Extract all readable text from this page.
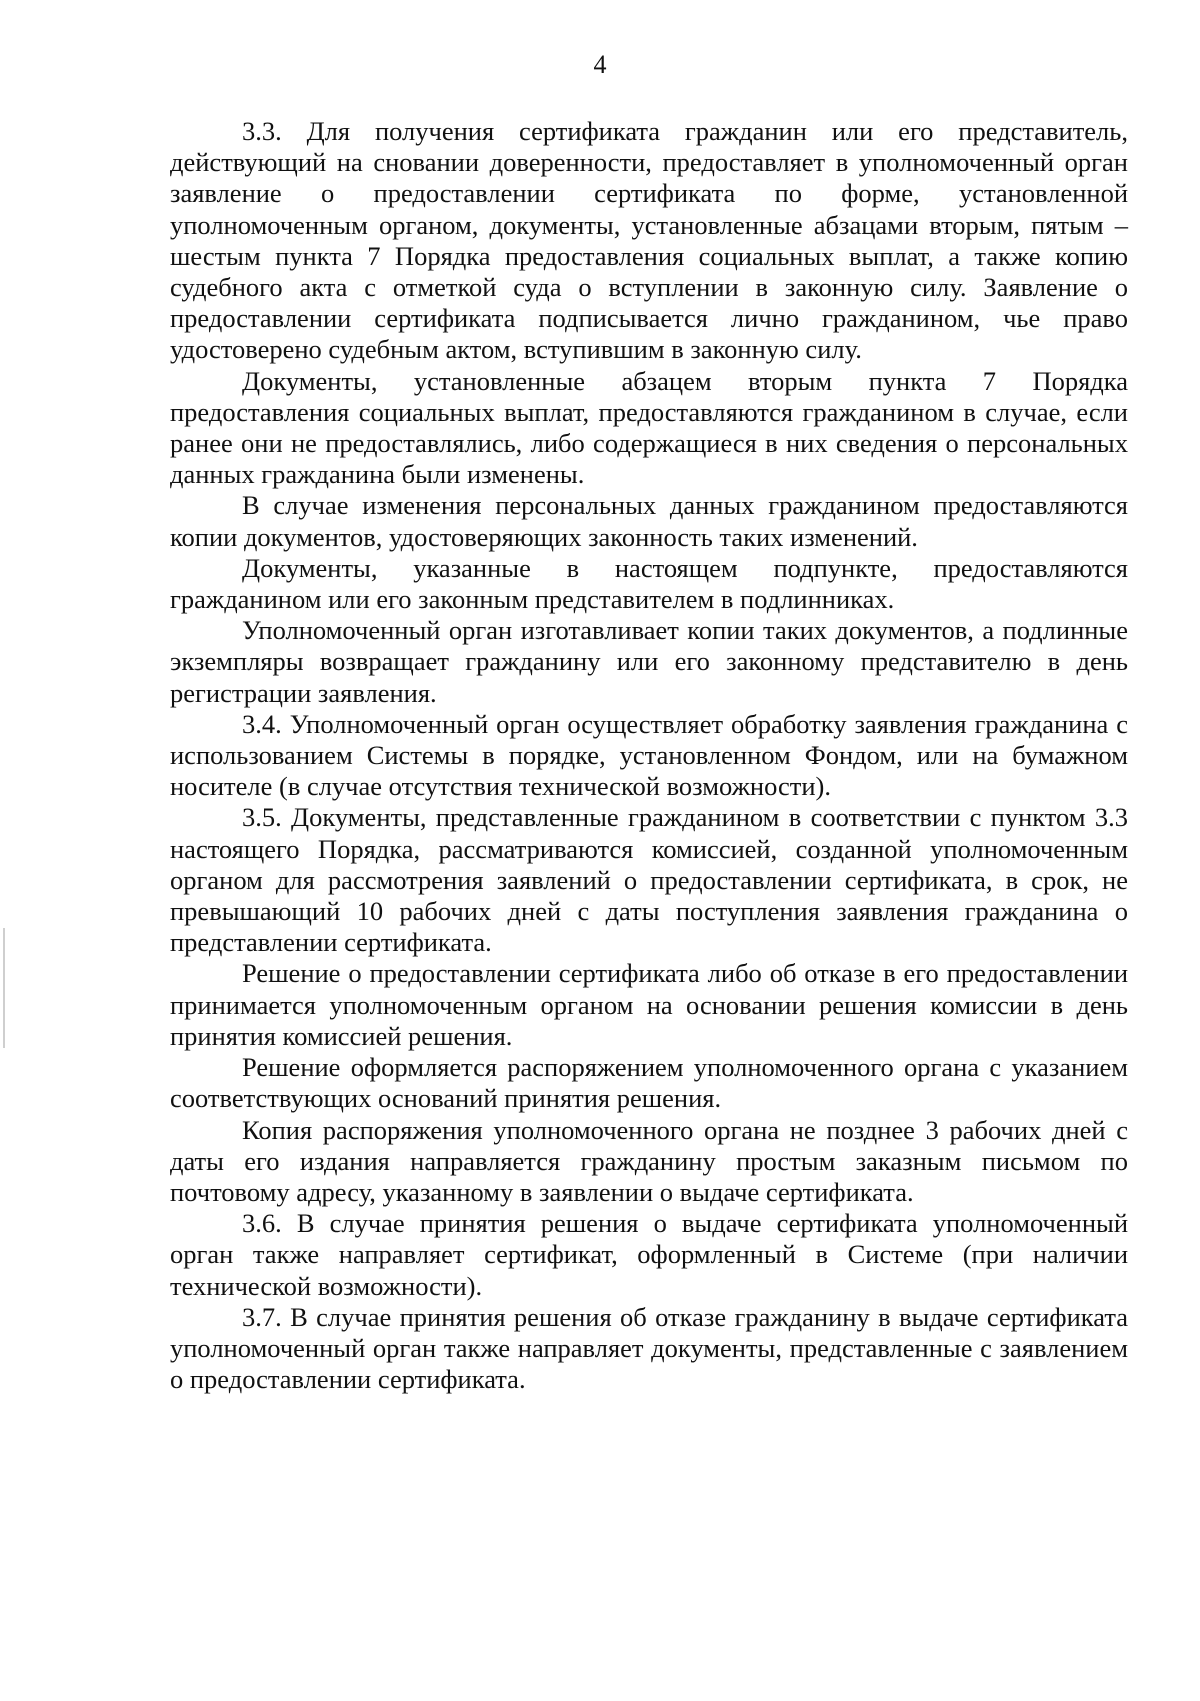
4

3.3. Для получения сертификата гражданин или его представитель, действующий на сновании доверенности, предоставляет в уполномоченный орган заявление о предоставлении сертификата по форме, установленной уполномоченным органом, документы, установленные абзацами вторым, пятым – шестым пункта 7 Порядка предоставления социальных выплат, а также копию судебного акта с отметкой суда о вступлении в законную силу. Заявление о предоставлении сертификата подписывается лично гражданином, чье право удостоверено судебным актом, вступившим в законную силу.

Документы, установленные абзацем вторым пункта 7 Порядка предоставления социальных выплат, предоставляются гражданином в случае, если ранее они не предоставлялись, либо содержащиеся в них сведения о персональных данных гражданина были изменены.

В случае изменения персональных данных гражданином предоставляются копии документов, удостоверяющих законность таких изменений.

Документы, указанные в настоящем подпункте, предоставляются гражданином или его законным представителем в подлинниках.

Уполномоченный орган изготавливает копии таких документов, а подлинные экземпляры возвращает гражданину или его законному представителю в день регистрации заявления.

3.4. Уполномоченный орган осуществляет обработку заявления гражданина с использованием Системы в порядке, установленном Фондом, или на бумажном носителе (в случае отсутствия технической возможности).

3.5. Документы, представленные гражданином в соответствии с пунктом 3.3 настоящего Порядка, рассматриваются комиссией, созданной уполномоченным органом для рассмотрения заявлений о предоставлении сертификата, в срок, не превышающий 10 рабочих дней с даты поступления заявления гражданина о представлении сертификата.

Решение о предоставлении сертификата либо об отказе в его предоставлении принимается уполномоченным органом на основании решения комиссии в день принятия комиссией решения.

Решение оформляется распоряжением уполномоченного органа с указанием соответствующих оснований принятия решения.

Копия распоряжения уполномоченного органа не позднее 3 рабочих дней с даты его издания направляется гражданину простым заказным письмом по почтовому адресу, указанному в заявлении о выдаче сертификата.

3.6. В случае принятия решения о выдаче сертификата уполномоченный орган также направляет сертификат, оформленный в Системе (при наличии технической возможности).

3.7. В случае принятия решения об отказе гражданину в выдаче сертификата уполномоченный орган также направляет документы, представленные с заявлением о предоставлении сертификата.
